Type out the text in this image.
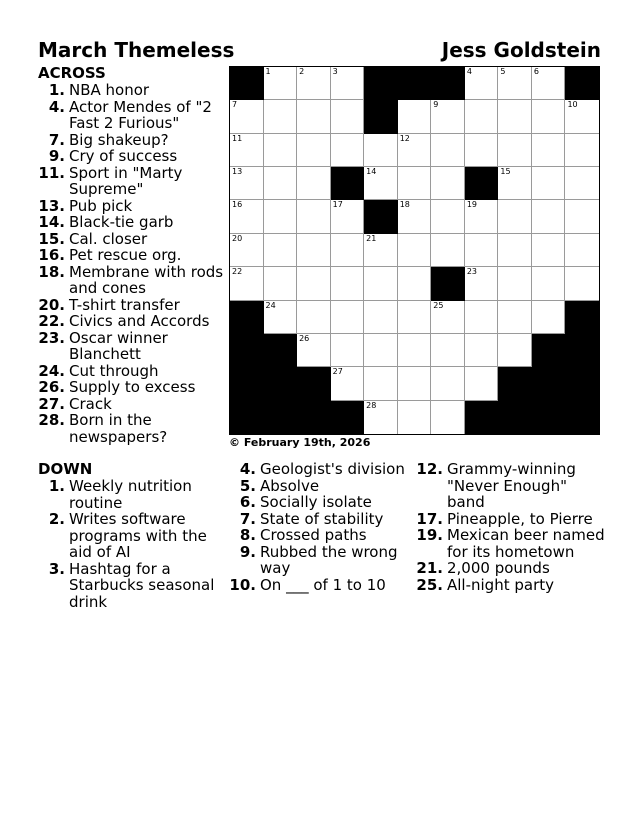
March Themeless	Jess Goldstein
ACROSS
1. NBA honor
4. Actor Mendes of "2 Fast 2 Furious"
7. Big shakeup?
9. Cry of success
11. Sport in "Marty Supreme"
13. Pub pick
14. Black-tie garb
15. Cal. closer
16. Pet rescue org.
18. Membrane with rods and cones
20. T-shirt transfer
22. Civics and Accords
23. Oscar winner Blanchett
24. Cut through
26. Supply to excess
27. Crack
28. Born in the newspapers?
1	2	3	4	5	6
7	8	9	10
11	12
13	14	15
16	17	18	19
20	21
22	23
24	25
26
27
28
© February 19th, 2026
DOWN
1. Weekly nutrition routine
2. Writes software programs with the aid of AI
3. Hashtag for a Starbucks seasonal drink
4. Geologist's division
5. Absolve
6. Socially isolate
7. State of stability
8. Crossed paths
9. Rubbed the wrong way
10. On ___ of 1 to 10
12. Grammy-winning "Never Enough" band
17. Pineapple, to Pierre
19. Mexican beer named for its hometown
21. 2,000 pounds
25. All-night party
